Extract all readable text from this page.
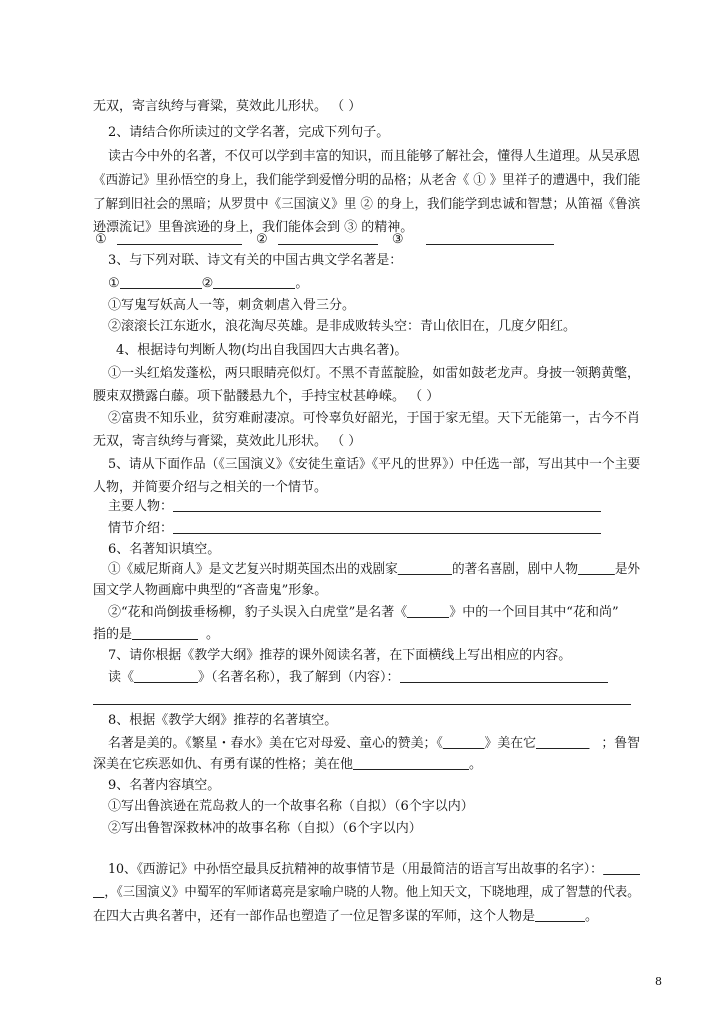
无双，寄言纨绔与膏粱，莫效此儿形状。 （ ）
2、请结合你所读过的文学名著，完成下列句子。
读古今中外的名著，不仅可以学到丰富的知识，而且能够了解社会，懂得人生道理。从吴承恩
《西游记》里孙悟空的身上，我们能学到爱憎分明的品格；从老舍《 ① 》里祥子的遭遇中，我们能
了解到旧社会的黑暗；从罗贯中《三国演义》里 ② 的身上，我们能学到忠诚和智慧；从笛福《鲁滨
逊漂流记》里鲁滨逊的身上，我们能体会到 ③ 的精神。
①	②	③
3、与下列对联、诗文有关的中国古典文学名著是：
①	②	。
①写鬼写妖高人一等，刺贪刺虐入骨三分。
②滚滚长江东逝水，浪花淘尽英雄。是非成败转头空：青山依旧在，几度夕阳红。
4、根据诗句判断人物(均出自我国四大古典名著)。
①一头红焰发蓬松，两只眼睛亮似灯。不黑不青蓝靛脸，如雷如鼓老龙声。身披一领鹅黄氅，
腰束双攒露白藤。项下骷髅悬九个，手持宝杖甚峥嵘。 （ ）
②富贵不知乐业，贫穷难耐凄凉。可怜辜负好韶光，于国于家无望。天下无能第一，古今不肖
无双，寄言纨绔与膏粱，莫效此儿形状。 （ ）
5、请从下面作品（《三国演义》《安徒生童话》《平凡的世界》）中任选一部，写出其中一个主要
人物，并简要介绍与之相关的一个情节。
主要人物：
情节介绍：
6、名著知识填空。
①《威尼斯商人》是文艺复兴时期英国杰出的戏剧家	的著名喜剧，剧中人物	是外
国文学人物画廊中典型的“吝啬鬼”形象。
②“花和尚倒拔垂杨柳，豹子头误入白虎堂”是名著《	》中的一个回目其中“花和尚”
指的是	。
7、请你根据《教学大纲》推荐的课外阅读名著，在下面横线上写出相应的内容。
读《	》（名著名称），我了解到（内容）：
8、根据《教学大纲》推荐的名著填空。
名著是美的。《繁星・春水》美在它对母爱、童心的赞美；《	》美在它	；鲁智
深美在它疾恶如仇、有勇有谋的性格；美在他	。
9、名著内容填空。
①写出鲁滨逊在荒岛救人的一个故事名称（自拟）（6个字以内）
②写出鲁智深救林冲的故事名称（自拟）（6个字以内）
10、《西游记》中孙悟空最具反抗精神的故事情节是（用最简洁的语言写出故事的名字）：
，《三国演义》中蜀军的军师诸葛亮是家喻户晓的人物。他上知天文，下晓地理，成了智慧的代表。
在四大古典名著中，还有一部作品也塑造了一位足智多谋的军师，这个人物是	。
8
